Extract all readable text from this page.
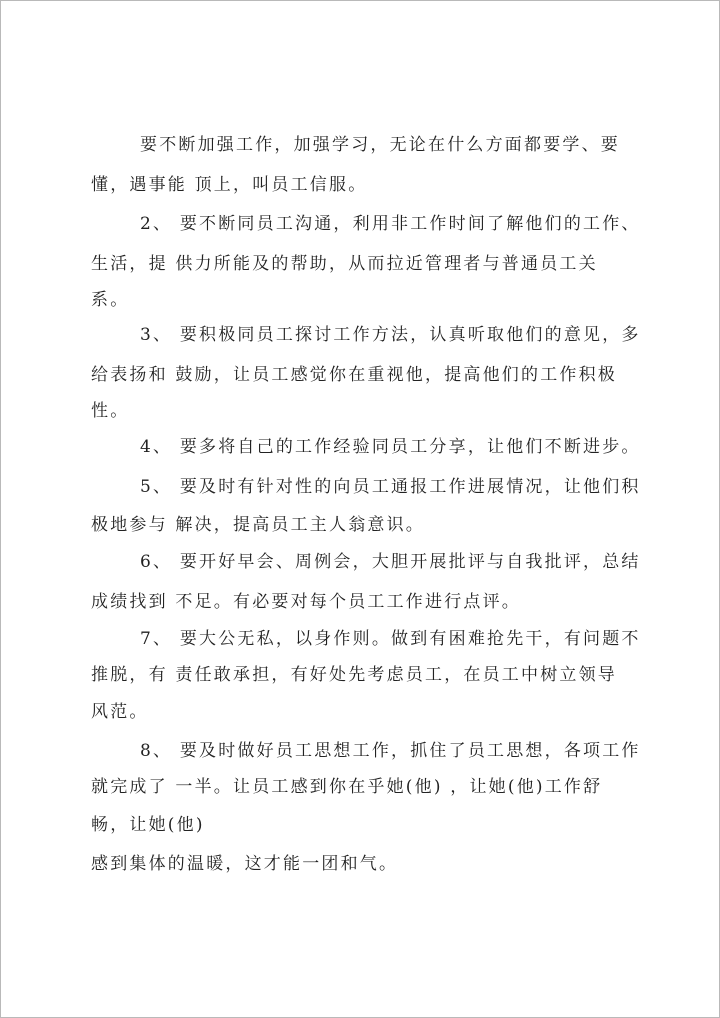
要不断加强工作，加强学习，无论在什么方面都要学、要
懂，遇事能 顶上，叫员工信服。
2、 要不断同员工沟通，利用非工作时间了解他们的工作、
生活，提 供力所能及的帮助，从而拉近管理者与普通员工关
系。
3、 要积极同员工探讨工作方法，认真听取他们的意见，多
给表扬和 鼓励，让员工感觉你在重视他，提高他们的工作积极
性。
4、 要多将自己的工作经验同员工分享，让他们不断进步。
5、 要及时有针对性的向员工通报工作进展情况，让他们积
极地参与 解决，提高员工主人翁意识。
6、 要开好早会、周例会，大胆开展批评与自我批评，总结
成绩找到 不足。有必要对每个员工工作进行点评。
7、 要大公无私，以身作则。做到有困难抢先干，有问题不
推脱，有 责任敢承担，有好处先考虑员工，在员工中树立领导
风范。
8、 要及时做好员工思想工作，抓住了员工思想，各项工作
就完成了 一半。让员工感到你在乎她(他) ，让她(他)工作舒
畅，让她(他)
感到集体的温暖，这才能一团和气。
